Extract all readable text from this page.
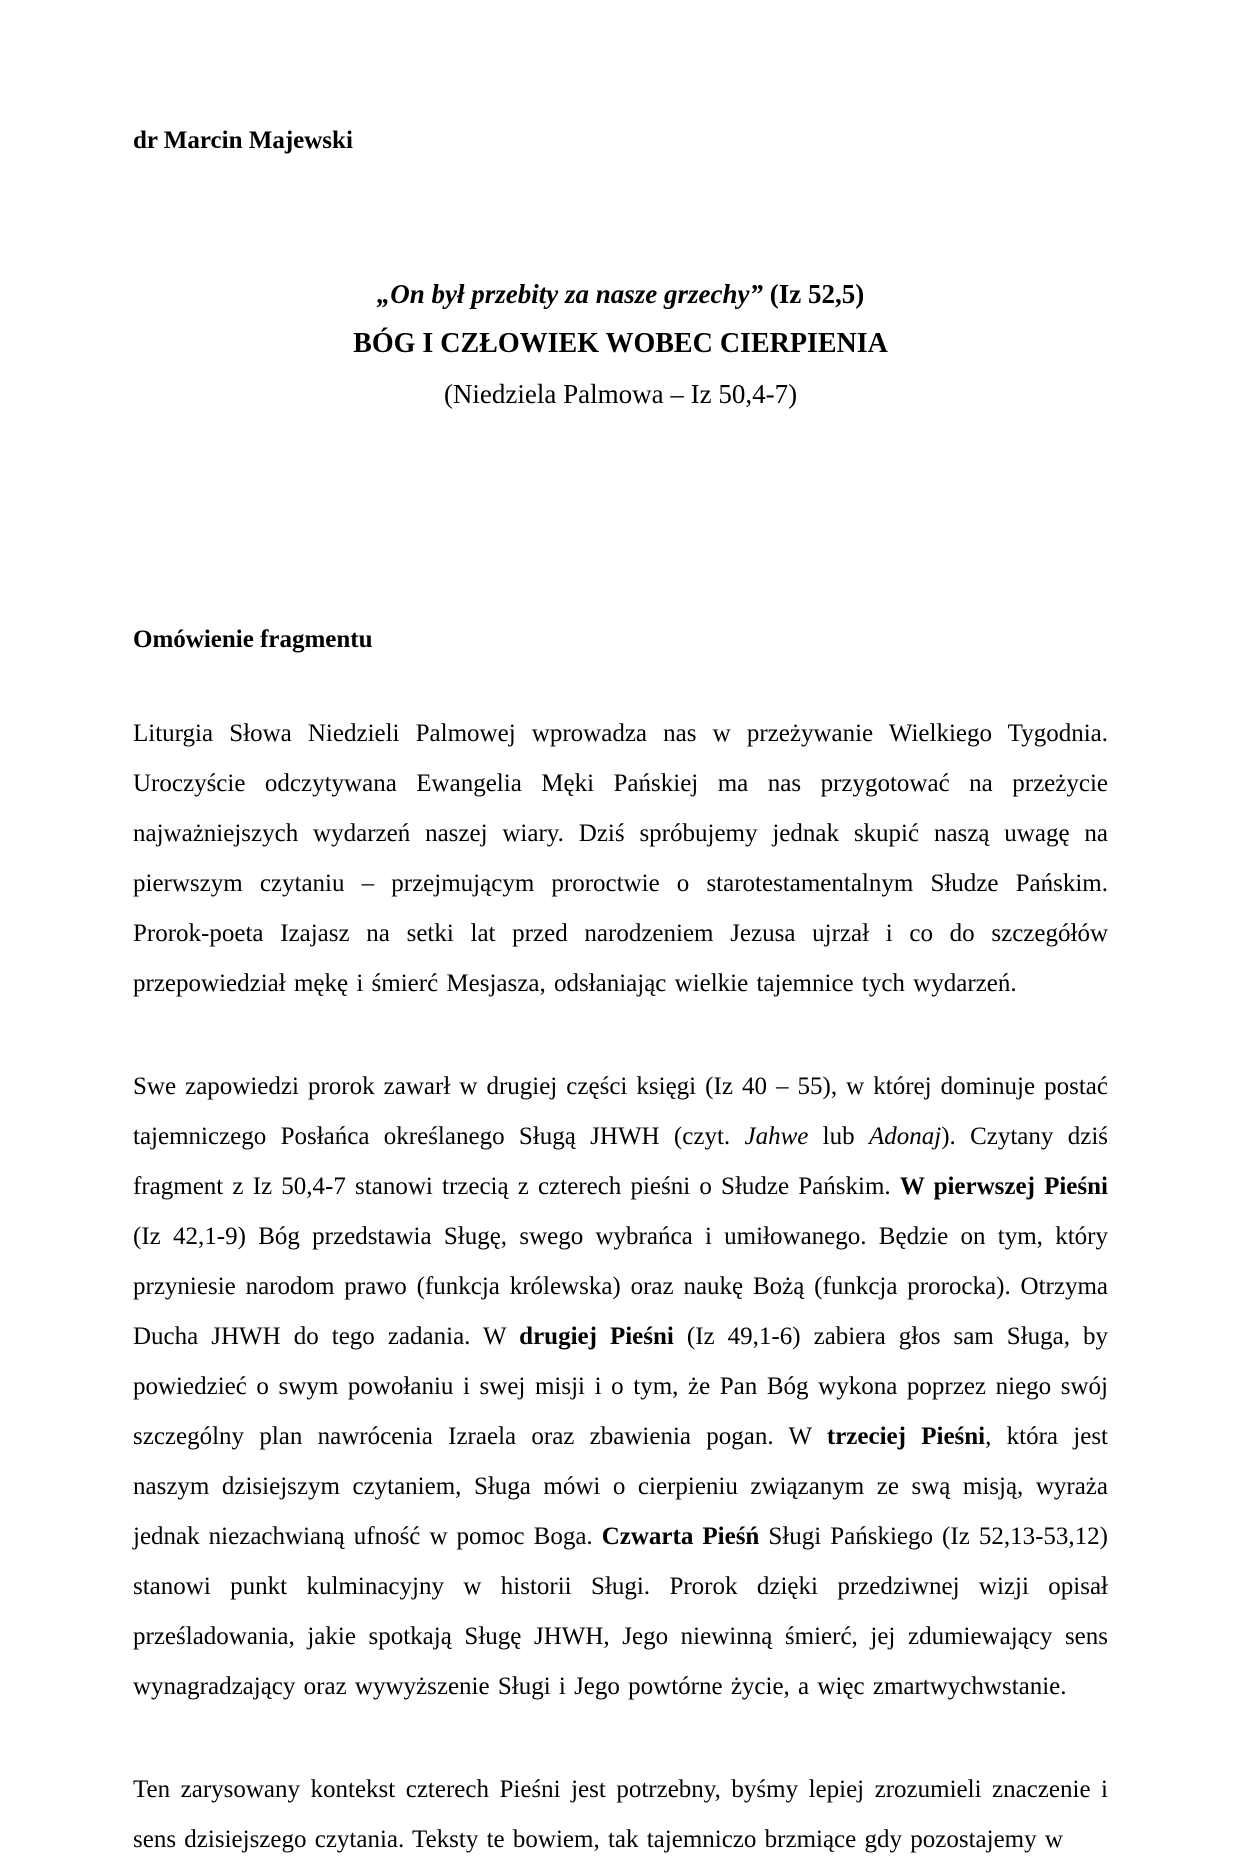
dr Marcin Majewski

„On był przebity za nasze grzechy” (Iz 52,5)

BÓG I CZŁOWIEK WOBEC CIERPIENIA

(Niedziela Palmowa – Iz 50,4-7)

Omówienie fragmentu

Liturgia Słowa Niedzieli Palmowej wprowadza nas w przeżywanie Wielkiego Tygodnia. Uroczyście odczytywana Ewangelia Męki Pańskiej ma nas przygotować na przeżycie najważniejszych wydarzeń naszej wiary. Dziś spróbujemy jednak skupić naszą uwagę na pierwszym czytaniu – przejmującym proroctwie o starotestamentalnym Słudze Pańskim. Prorok-poeta Izajasz na setki lat przed narodzeniem Jezusa ujrzał i co do szczegółów przepowiedział mękę i śmierć Mesjasza, odsłaniając wielkie tajemnice tych wydarzeń.

Swe zapowiedzi prorok zawarł w drugiej części księgi (Iz 40 – 55), w której dominuje postać tajemniczego Posłańca określanego Sługą JHWH (czyt. Jahwe lub Adonaj). Czytany dziś fragment z Iz 50,4-7 stanowi trzecią z czterech pieśni o Słudze Pańskim. W pierwszej Pieśni (Iz 42,1-9) Bóg przedstawia Sługę, swego wybrańca i umiłowanego. Będzie on tym, który przyniesie narodom prawo (funkcja królewska) oraz naukę Bożą (funkcja prorocka). Otrzyma Ducha JHWH do tego zadania. W drugiej Pieśni (Iz 49,1-6) zabiera głos sam Sługa, by powiedzieć o swym powołaniu i swej misji i o tym, że Pan Bóg wykona poprzez niego swój szczególny plan nawrócenia Izraela oraz zbawienia pogan. W trzeciej Pieśni, która jest naszym dzisiejszym czytaniem, Sługa mówi o cierpieniu związanym ze swą misją, wyraża jednak niezachwianą ufność w pomoc Boga. Czwarta Pieśń Sługi Pańskiego (Iz 52,13-53,12) stanowi punkt kulminacyjny w historii Sługi. Prorok dzięki przedziwnej wizji opisał prześladowania, jakie spotkają Sługę JHWH, Jego niewinną śmierć, jej zdumiewający sens wynagradzający oraz wywyższenie Sługi i Jego powtórne życie, a więc zmartwychwstanie.

Ten zarysowany kontekst czterech Pieśni jest potrzebny, byśmy lepiej zrozumieli znaczenie i sens dzisiejszego czytania. Teksty te bowiem, tak tajemniczo brzmiące gdy pozostajemy w
